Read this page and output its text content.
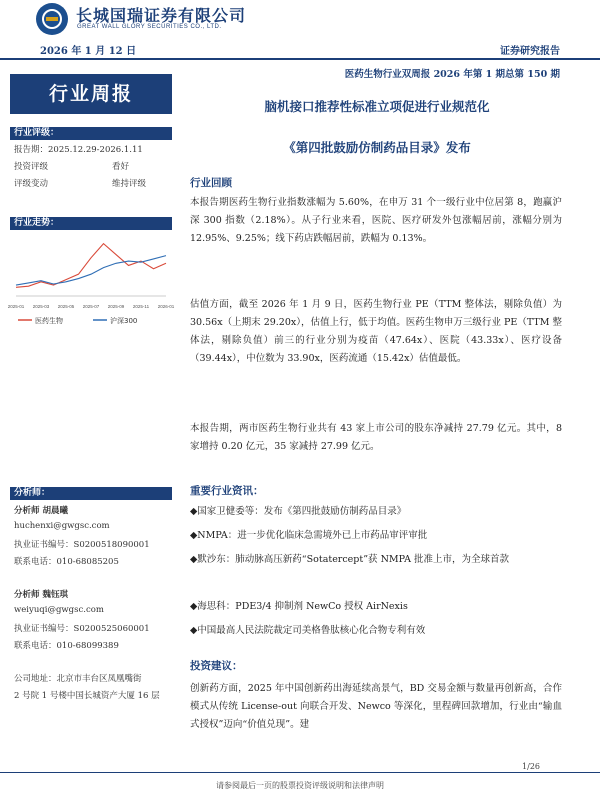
长城国瑞证券有限公司
GREAT WALL GLORY SECURITIES CO., LTD.
2026 年 1 月 12 日	证券研究报告
医药生物行业双周报 2026 年第 1 期总第 150 期
行业周报
脑机接口推荐性标准立项促进行业规范化
《第四批鼓励仿制药品目录》发布
行业评级：
报告期：2025.12.29-2026.1.11
投资评级	看好
评级变动	维持评级
行业走势：
2025-01 2025-03 2025-05 2025-07 2025-09 2025-11 2026-01
医药生物	沪深300
分析师：
分析师 胡晨曦
huchenxi@gwgsc.com
执业证书编号：S0200518090001
联系电话：010-68085205
分析师 魏钰琪
weiyuqi@gwgsc.com
执业证书编号：S0200525060001
联系电话：010-68099389
公司地址：北京市丰台区凤凰嘴街
2 号院 1 号楼中国长城资产大厦 16 层
行业回顾
本报告期医药生物行业指数涨幅为 5.60%，在申万 31 个一级行业中位居第 8，跑赢沪深 300 指数（2.18%）。从子行业来看，医院、医疗研发外包涨幅居前，涨幅分别为 12.95%、9.25%；线下药店跌幅居前，跌幅为 0.13%。
估值方面，截至 2026 年 1 月 9 日，医药生物行业 PE（TTM 整体法，剔除负值）为 30.56x（上期末 29.20x），估值上行，低于均值。医药生物申万三级行业 PE（TTM 整体法，剔除负值）前三的行业分别为疫苗（47.64x）、医院（43.33x）、医疗设备（39.44x），中位数为 33.90x，医药流通（15.42x）估值最低。
本报告期，两市医药生物行业共有 43 家上市公司的股东净减持 27.79 亿元。其中，8 家增持 0.20 亿元，35 家减持 27.99 亿元。
重要行业资讯：
◆国家卫健委等：发布《第四批鼓励仿制药品目录》
◆NMPA：进一步优化临床急需境外已上市药品审评审批
◆默沙东：肺动脉高压新药“Sotatercept”获 NMPA 批准上市，为全球首款
◆海思科：PDE3/4 抑制剂 NewCo 授权 AirNexis
◆中国最高人民法院裁定司美格鲁肽核心化合物专利有效
投资建议：
创新药方面，2025 年中国创新药出海延续高景气，BD 交易金额与数量再创新高，合作模式从传统 License-out 向联合开发、Newco 等深化，里程碑回款增加，行业由“输血式授权”迈向“价值兑现”。建
1/26
请参阅最后一页的股票投资评级说明和法律声明
